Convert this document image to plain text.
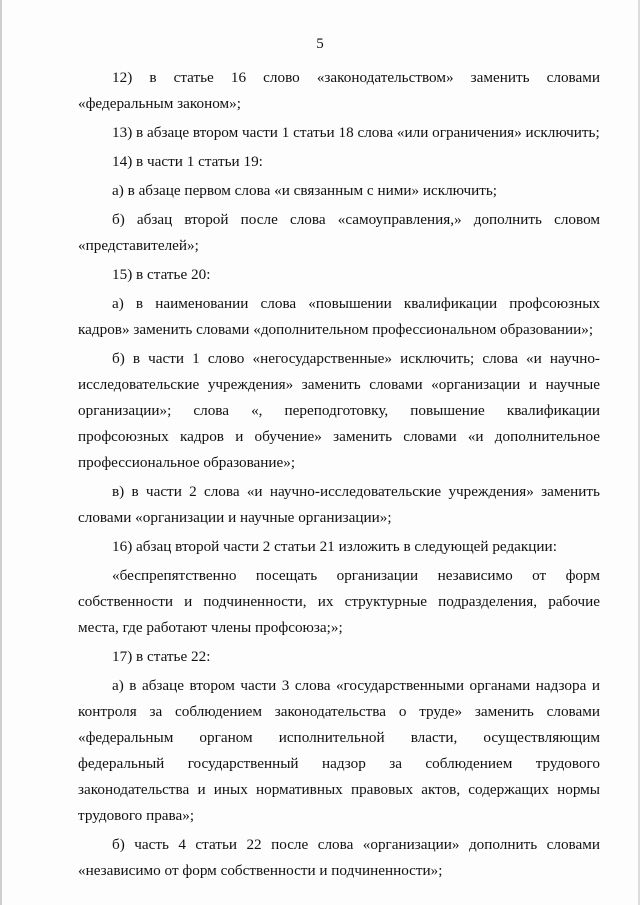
5
12) в статье 16 слово «законодательством» заменить словами
«федеральным законом»;
13) в абзаце втором части 1 статьи 18 слова «или ограничения» исключить;
14) в части 1 статьи 19:
а) в абзаце первом слова «и связанным с ними» исключить;
б) абзац второй после слова «самоуправления,» дополнить словом
«представителей»;
15) в статье 20:
а) в наименовании слова «повышении квалификации профсоюзных
кадров» заменить словами «дополнительном профессиональном образовании»;
б) в части 1 слово «негосударственные» исключить; слова «и научно-
исследовательские учреждения» заменить словами «организации и научные
организации»; слова «, переподготовку, повышение квалификации
профсоюзных кадров и обучение» заменить словами «и дополнительное
профессиональное образование»;
в) в части 2 слова «и научно-исследовательские учреждения» заменить
словами «организации и научные организации»;
16) абзац второй части 2 статьи 21 изложить в следующей редакции:
«беспрепятственно посещать организации независимо от форм
собственности и подчиненности, их структурные подразделения, рабочие
места, где работают члены профсоюза;»;
17) в статье 22:
а) в абзаце втором части 3 слова «государственными органами надзора и
контроля за соблюдением законодательства о труде» заменить словами
«федеральным органом исполнительной власти, осуществляющим
федеральный государственный надзор за соблюдением трудового
законодательства и иных нормативных правовых актов, содержащих нормы
трудового права»;
б) часть 4 статьи 22 после слова «организации» дополнить словами
«независимо от форм собственности и подчиненности»;
